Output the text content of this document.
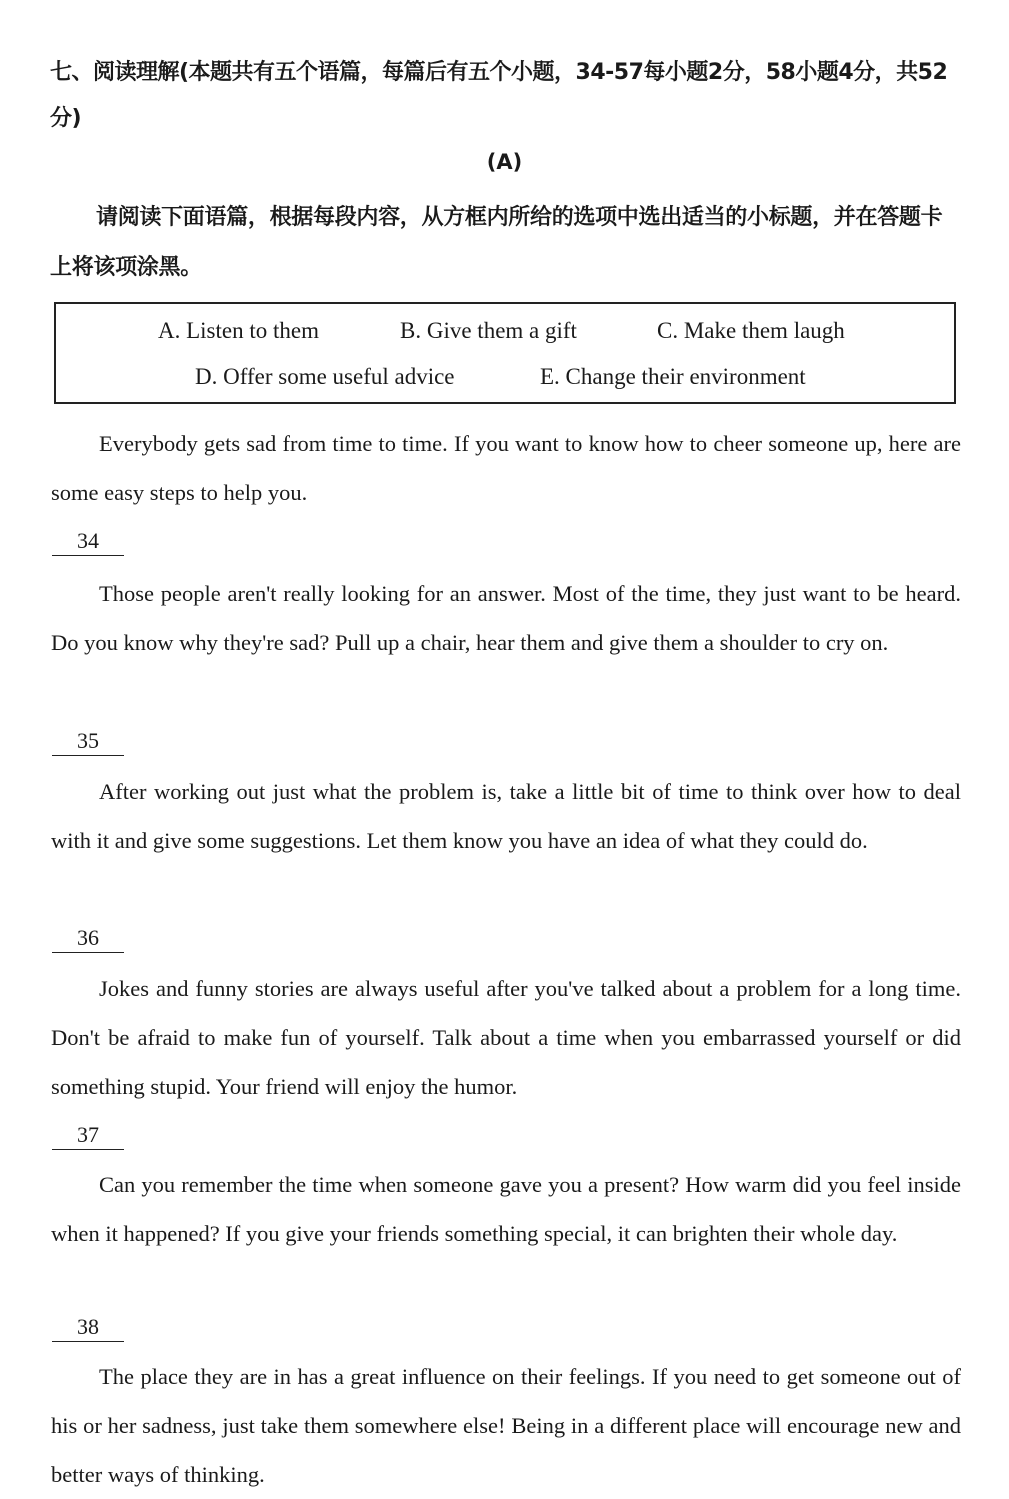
七、阅读理解(本题共有五个语篇，每篇后有五个小题，34-57每小题2分，58小题4分，共52分)
(A)
请阅读下面语篇，根据每段内容，从方框内所给的选项中选出适当的小标题，并在答题卡上将该项涂黑。
A. Listen to them	B. Give them a gift	C. Make them laugh
D. Offer some useful advice	E. Change their environment

Everybody gets sad from time to time. If you want to know how to cheer someone up, here are some easy steps to help you.

34

Those people aren't really looking for an answer. Most of the time, they just want to be heard. Do you know why they're sad? Pull up a chair, hear them and give them a shoulder to cry on.

35

After working out just what the problem is, take a little bit of time to think over how to deal with it and give some suggestions. Let them know you have an idea of what they could do.

36

Jokes and funny stories are always useful after you've talked about a problem for a long time. Don't be afraid to make fun of yourself. Talk about a time when you embarrassed yourself or did something stupid. Your friend will enjoy the humor.

37

Can you remember the time when someone gave you a present? How warm did you feel inside when it happened? If you give your friends something special, it can brighten their whole day.

38

The place they are in has a great influence on their feelings. If you need to get someone out of his or her sadness, just take them somewhere else! Being in a different place will encourage new and better ways of thinking.
